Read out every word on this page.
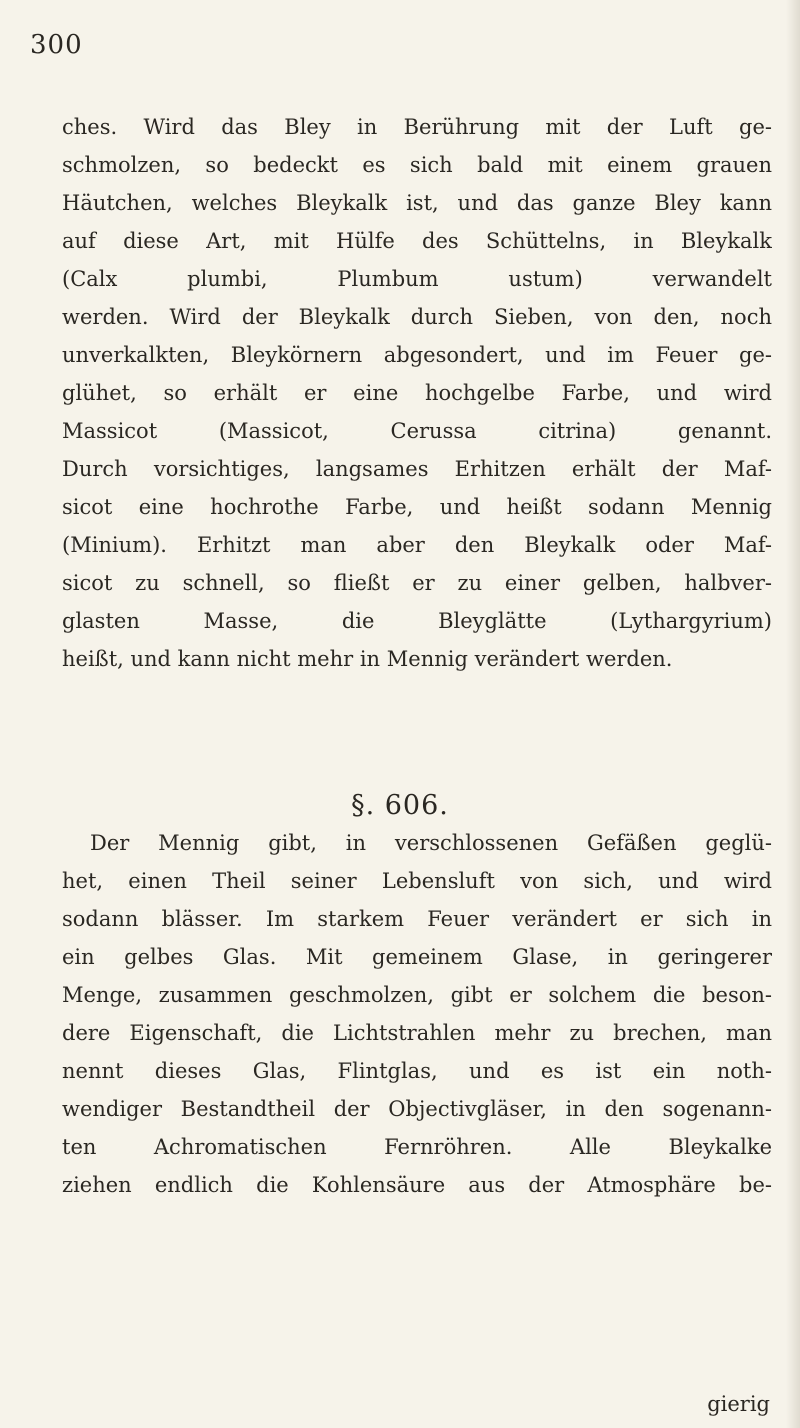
300
ches. Wird das Bley in Berührung mit der Luft ge-
schmolzen, so bedeckt es sich bald mit einem grauen
Häutchen, welches Bleykalk ist, und das ganze Bley kann
auf diese Art, mit Hülfe des Schüttelns, in Bleykalk
(Calx plumbi, Plumbum ustum) verwandelt
werden. Wird der Bleykalk durch Sieben, von den, noch
unverkalkten, Bleykörnern abgesondert, und im Feuer ge-
glühet, so erhält er eine hochgelbe Farbe, und wird
Massicot (Massicot, Cerussa citrina) genannt.
Durch vorsichtiges, langsames Erhitzen erhält der Maf-
sicot eine hochrothe Farbe, und heißt sodann Mennig
(Minium). Erhitzt man aber den Bleykalk oder Maf-
sicot zu schnell, so fließt er zu einer gelben, halbver-
glasten Masse, die Bleyglätte (Lythargyrium)
heißt, und kann nicht mehr in Mennig verändert werden.
§. 606.
Der Mennig gibt, in verschlossenen Gefäßen geglü-
het, einen Theil seiner Lebensluft von sich, und wird
sodann blässer. Im starkem Feuer verändert er sich in
ein gelbes Glas. Mit gemeinem Glase, in geringerer
Menge, zusammen geschmolzen, gibt er solchem die beson-
dere Eigenschaft, die Lichtstrahlen mehr zu brechen, man
nennt dieses Glas, Flintglas, und es ist ein noth-
wendiger Bestandtheil der Objectivgläser, in den sogenann-
ten Achromatischen Fernröhren. Alle Bleykalke
ziehen endlich die Kohlensäure aus der Atmosphäre be-
gierig
